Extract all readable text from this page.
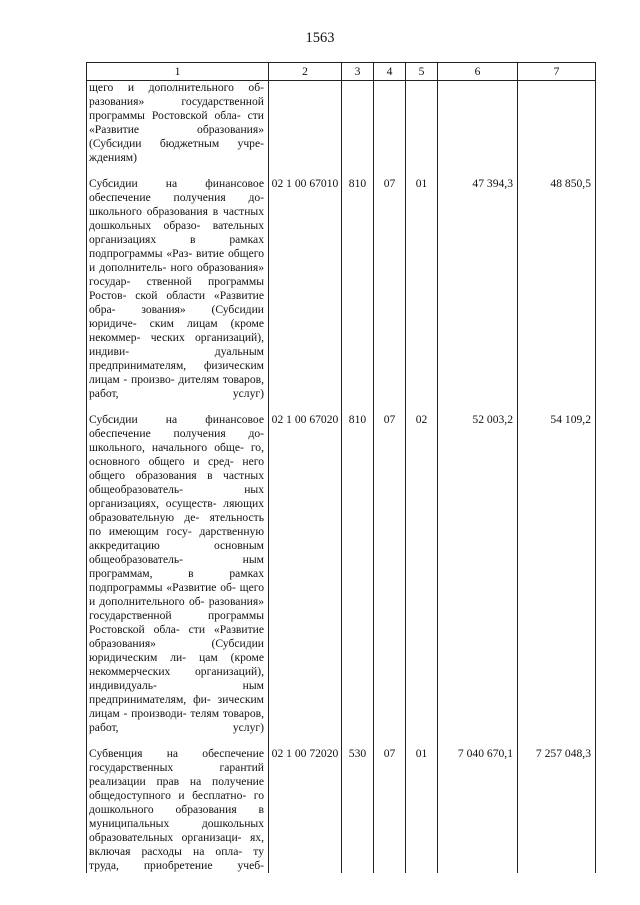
1563
1	2	3	4	5	6	7
щего и дополнительного об- разования» государственной программы Ростовской обла- сти «Развитие образования» (Субсидии бюджетным учре- ждениям)						

Субсидии на финансовое обеспечение получения до- школьного образования в частных дошкольных образо- вательных организациях в рамках подпрограммы «Раз- витие общего и дополнитель- ного образования» государ- ственной программы Ростов- ской области «Развитие обра- зования» (Субсидии юридиче- ским лицам (кроме некоммер- ческих организаций), индиви- дуальным предпринимателям, физическим лицам - произво- дителям товаров, работ, услуг)	02 1 00 67010	810	07	01	47 394,3	48 850,5

Субсидии на финансовое обеспечение получения до- школьного, начального обще- го, основного общего и сред- него общего образования в частных общеобразователь- ных организациях, осуществ- ляющих образовательную де- ятельность по имеющим госу- дарственную аккредитацию основным общеобразователь- ным программам, в рамках подпрограммы «Развитие об- щего и дополнительного об- разования» государственной программы Ростовской обла- сти «Развитие образования» (Субсидии юридическим ли- цам (кроме некоммерческих организаций), индивидуаль- ным предпринимателям, фи- зическим лицам - производи- телям товаров, работ, услуг)	02 1 00 67020	810	07	02	52 003,2	54 109,2

Субвенция на обеспечение государственных гарантий реализации прав на получение общедоступного и бесплатно- го дошкольного образования в муниципальных дошкольных образовательных организаци- ях, включая расходы на опла- ту труда, приобретение учеб-	02 1 00 72020	530	07	01	7 040 670,1	7 257 048,3
